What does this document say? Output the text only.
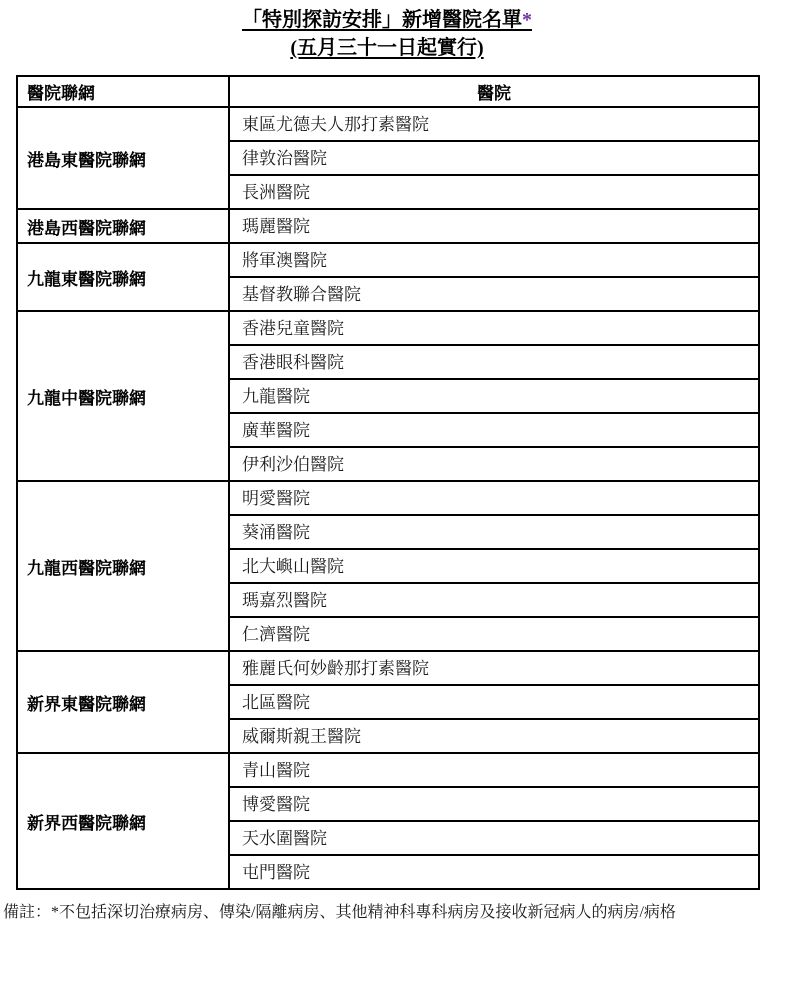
「特別探訪安排」新增醫院名單*
(五月三十一日起實行)
醫院聯網	醫院
港島東醫院聯網	東區尤德夫人那打素醫院
	律敦治醫院
	長洲醫院
港島西醫院聯網	瑪麗醫院
九龍東醫院聯網	將軍澳醫院
	基督教聯合醫院
九龍中醫院聯網	香港兒童醫院
	香港眼科醫院
	九龍醫院
	廣華醫院
	伊利沙伯醫院
九龍西醫院聯網	明愛醫院
	葵涌醫院
	北大嶼山醫院
	瑪嘉烈醫院
	仁濟醫院
新界東醫院聯網	雅麗氏何妙齡那打素醫院
	北區醫院
	威爾斯親王醫院
新界西醫院聯網	青山醫院
	博愛醫院
	天水圍醫院
	屯門醫院
備註：*不包括深切治療病房、傳染/隔離病房、其他精神科專科病房及接收新冠病人的病房/病格
